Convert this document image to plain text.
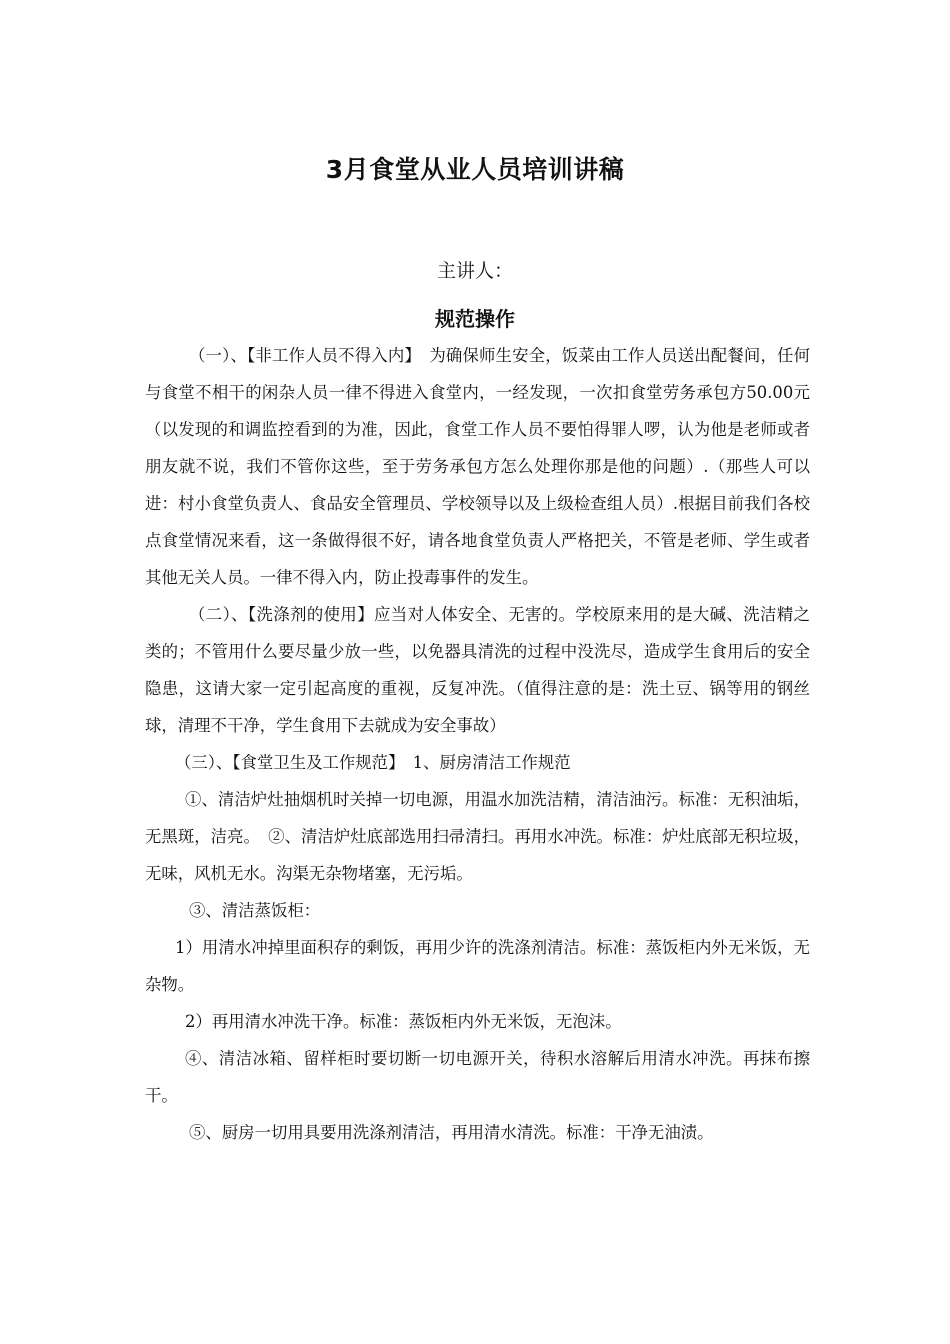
3月食堂从业人员培训讲稿
主讲人：
规范操作

（一）、【非工作人员不得入内】　为确保师生安全，饭菜由工作人员送出配餐间，任何与食堂不相干的闲杂人员一律不得进入食堂内，一经发现，一次扣食堂劳务承包方50.00元（以发现的和调监控看到的为准，因此，食堂工作人员不要怕得罪人啰，认为他是老师或者朋友就不说，我们不管你这些，至于劳务承包方怎么处理你那是他的问题）.（那些人可以进：村小食堂负责人、食品安全管理员、学校领导以及上级检查组人员）.根据目前我们各校点食堂情况来看，这一条做得很不好，请各地食堂负责人严格把关，不管是老师、学生或者其他无关人员。一律不得入内，防止投毒事件的发生。

（二）、【洗涤剂的使用】应当对人体安全、无害的。学校原来用的是大碱、洗洁精之类的；不管用什么要尽量少放一些，以免器具清洗的过程中没洗尽，造成学生食用后的安全隐患，这请大家一定引起高度的重视，反复冲洗。（值得注意的是：洗土豆、锅等用的钢丝球，清理不干净，学生食用下去就成为安全事故）

（三）、【食堂卫生及工作规范】　1、厨房清洁工作规范

①、清洁炉灶抽烟机时关掉一切电源，用温水加洗洁精，清洁油污。标准：无积油垢，无黑斑，洁亮。　②、清洁炉灶底部选用扫帚清扫。再用水冲洗。标准：炉灶底部无积垃圾，无味，风机无水。沟渠无杂物堵塞，无污垢。

③、清洁蒸饭柜：

1）用清水冲掉里面积存的剩饭，再用少许的洗涤剂清洁。标准：蒸饭柜内外无米饭，无杂物。

2）再用清水冲洗干净。标准：蒸饭柜内外无米饭，无泡沫。

④、清洁冰箱、留样柜时要切断一切电源开关，待积水溶解后用清水冲洗。再抹布擦干。

⑤、厨房一切用具要用洗涤剂清洁，再用清水清洗。标准：干净无油渍。
